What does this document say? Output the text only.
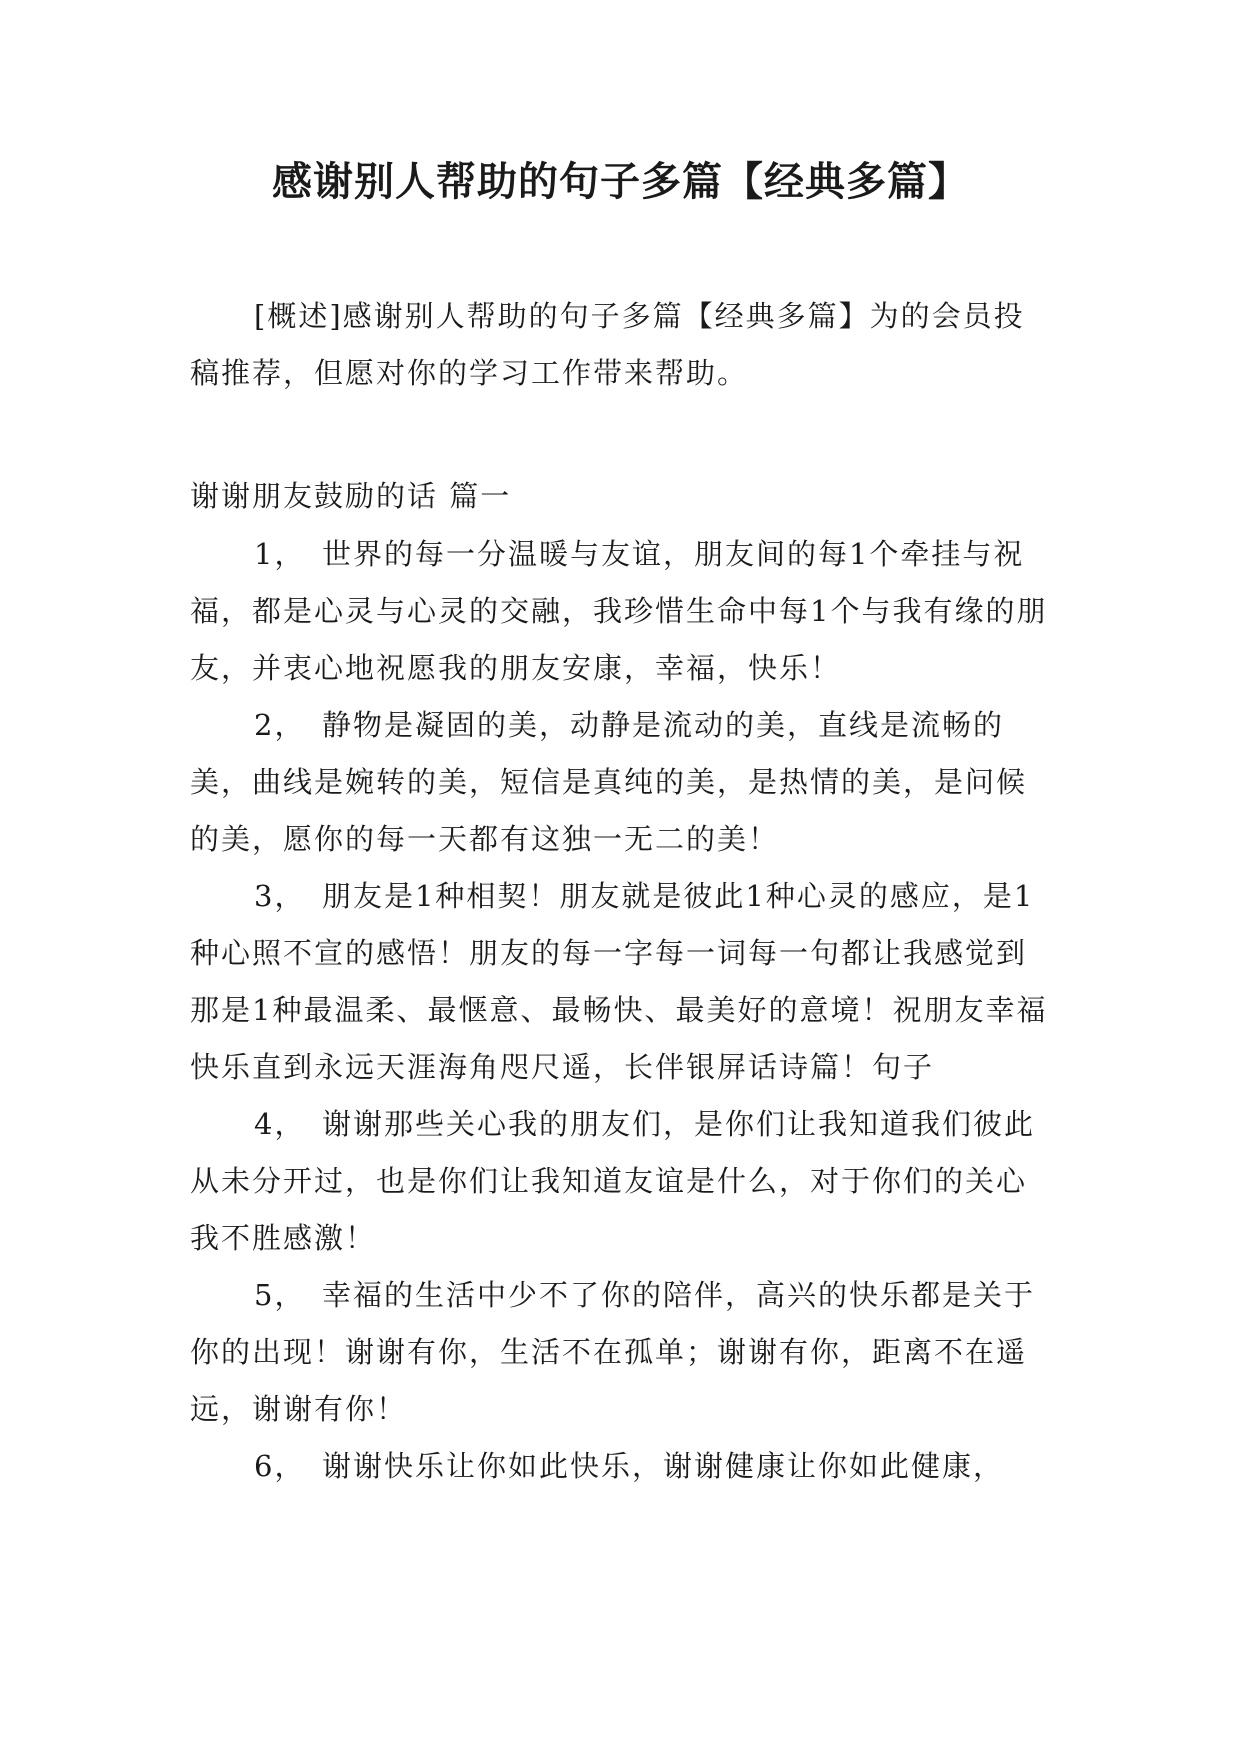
感谢别人帮助的句子多篇【经典多篇】

[概述]感谢别人帮助的句子多篇【经典多篇】为的会员投稿推荐，但愿对你的学习工作带来帮助。

谢谢朋友鼓励的话 篇一

1，　世界的每一分温暖与友谊，朋友间的每1个牵挂与祝福，都是心灵与心灵的交融，我珍惜生命中每1个与我有缘的朋友，并衷心地祝愿我的朋友安康，幸福，快乐！

2，　静物是凝固的美，动静是流动的美，直线是流畅的美，曲线是婉转的美，短信是真纯的美，是热情的美，是问候的美，愿你的每一天都有这独一无二的美！

3，　朋友是1种相契！朋友就是彼此1种心灵的感应，是1种心照不宣的感悟！朋友的每一字每一词每一句都让我感觉到那是1种最温柔、最惬意、最畅快、最美好的意境！祝朋友幸福快乐直到永远天涯海角咫尺遥，长伴银屏话诗篇！句子

4，　谢谢那些关心我的朋友们，是你们让我知道我们彼此从未分开过，也是你们让我知道友谊是什么，对于你们的关心我不胜感激！

5，　幸福的生活中少不了你的陪伴，高兴的快乐都是关于你的出现！谢谢有你，生活不在孤单；谢谢有你，距离不在遥远，谢谢有你！

6，　谢谢快乐让你如此快乐，谢谢健康让你如此健康，
